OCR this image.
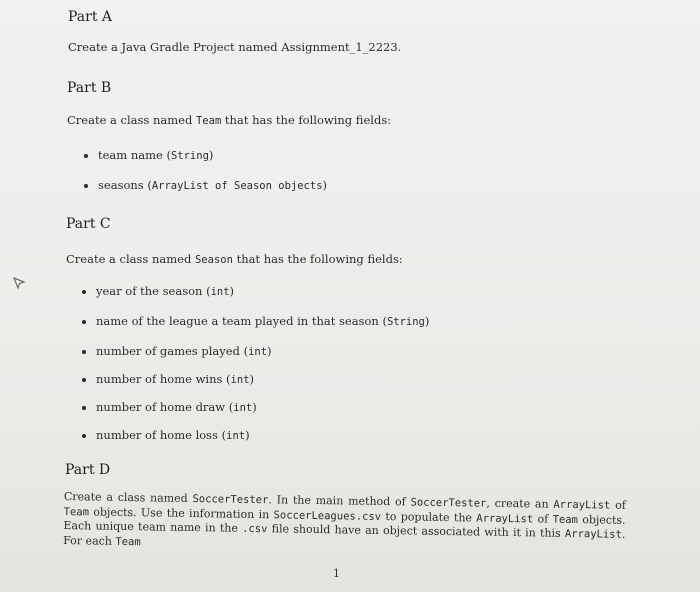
Part A

Create a Java Gradle Project named Assignment_1_2223.

Part B

Create a class named Team that has the following fields:

team name (String)
seasons (ArrayList of Season objects)
Part C

Create a class named Season that has the following fields:

year of the season (int)
name of the league a team played in that season (String)
number of games played (int)
number of home wins (int)
number of home draw (int)
number of home loss (int)
Part D

Create a class named SoccerTester. In the main method of SoccerTester, create an ArrayList of Team objects. Use the information in SoccerLeagues.csv to populate the ArrayList of Team objects. Each unique team name in the .csv file should have an object associated with it in this ArrayList. For each Team

1
